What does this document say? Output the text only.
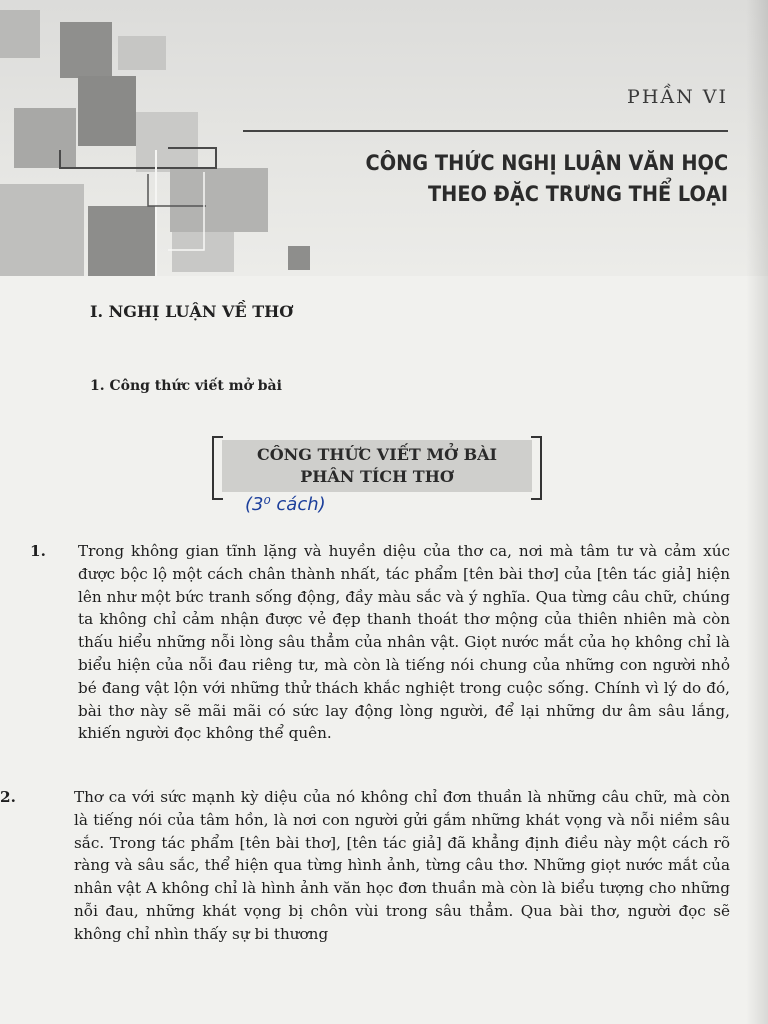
PHẦN VI
CÔNG THỨC NGHỊ LUẬN VĂN HỌC
THEO ĐẶC TRƯNG THỂ LOẠI
I. NGHỊ LUẬN VỀ THƠ
1. Công thức viết mở bài
CÔNG THỨC VIẾT MỞ BÀI
PHÂN TÍCH THƠ
(3⁰ cách)
1. Trong không gian tĩnh lặng và huyền diệu của thơ ca, nơi mà tâm tư và cảm xúc được bộc lộ một cách chân thành nhất, tác phẩm [tên bài thơ] của [tên tác giả] hiện lên như một bức tranh sống động, đầy màu sắc và ý nghĩa. Qua từng câu chữ, chúng ta không chỉ cảm nhận được vẻ đẹp thanh thoát thơ mộng của thiên nhiên mà còn thấu hiểu những nỗi lòng sâu thẳm của nhân vật. Giọt nước mắt của họ không chỉ là biểu hiện của nỗi đau riêng tư, mà còn là tiếng nói chung của những con người nhỏ bé đang vật lộn với những thử thách khắc nghiệt trong cuộc sống. Chính vì lý do đó, bài thơ này sẽ mãi mãi có sức lay động lòng người, để lại những dư âm sâu lắng, khiến người đọc không thể quên.
2.	Thơ ca với sức mạnh kỳ diệu của nó không chỉ đơn thuần là những câu chữ, mà còn là tiếng nói của tâm hồn, là nơi con người gửi gắm những khát vọng và nỗi niềm sâu sắc. Trong tác phẩm [tên bài thơ], [tên tác giả] đã khẳng định điều này một cách rõ ràng và sâu sắc, thể hiện qua từng hình ảnh, từng câu thơ. Những giọt nước mắt của nhân vật A không chỉ là hình ảnh văn học đơn thuần mà còn là biểu tượng cho những nỗi đau, những khát vọng bị chôn vùi trong sâu thẳm. Qua bài thơ, người đọc sẽ không chỉ nhìn thấy sự bi thương
